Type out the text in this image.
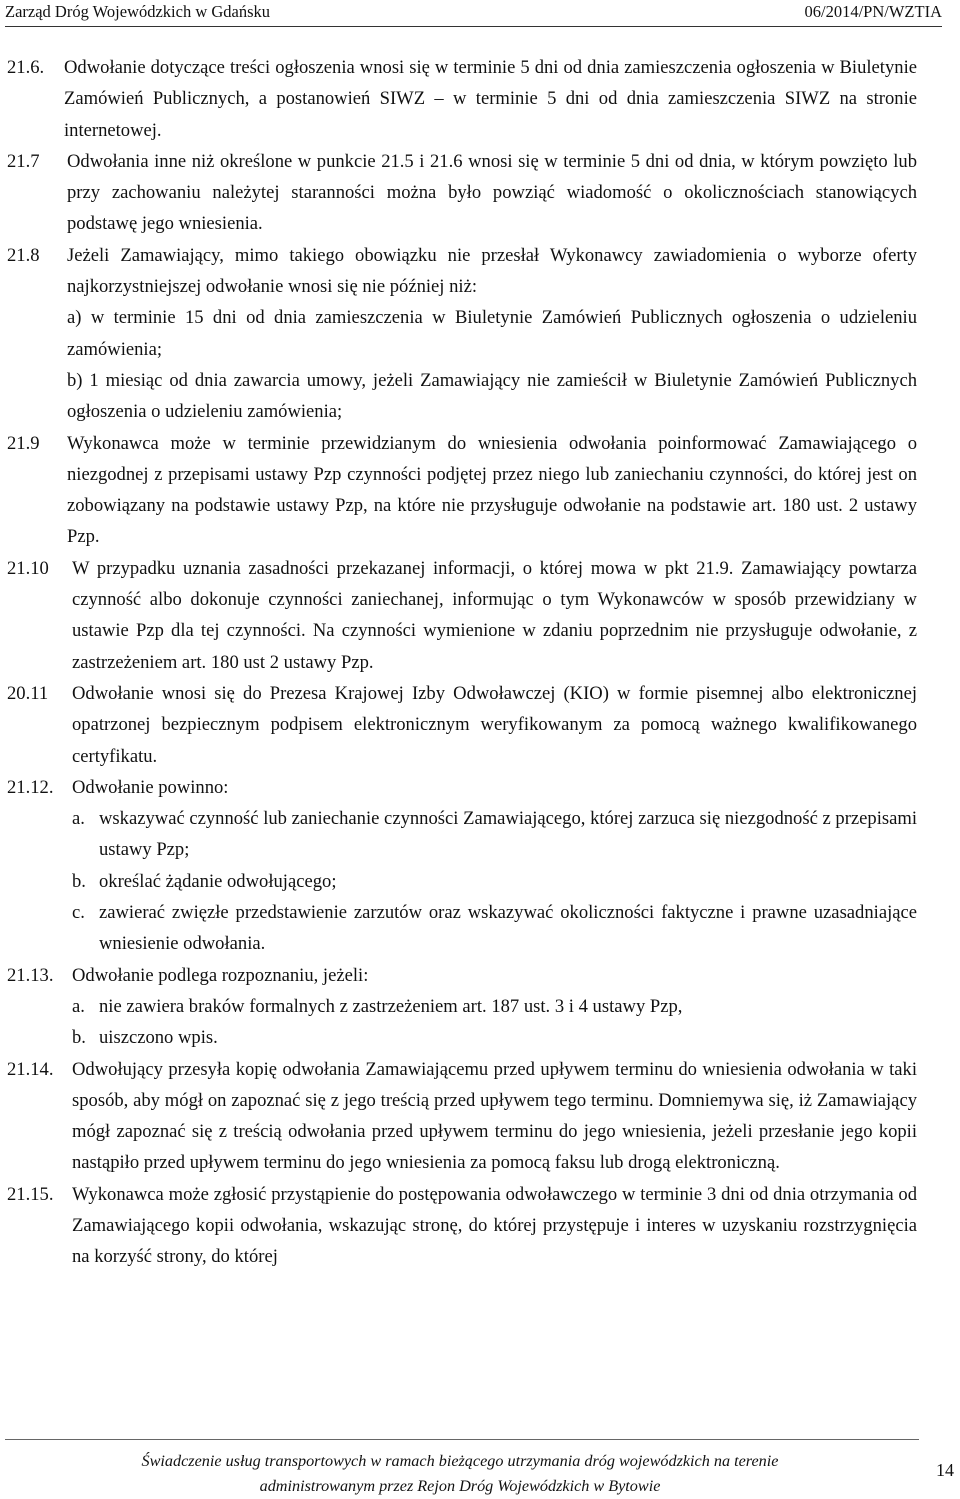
Zarząd Dróg Wojewódzkich w Gdańsku	06/2014/PN/WZTIA
21.6.	Odwołanie dotyczące treści ogłoszenia wnosi się w terminie 5 dni od dnia zamieszczenia ogłoszenia w Biuletynie Zamówień Publicznych, a postanowień SIWZ – w terminie 5 dni od dnia zamieszczenia SIWZ na stronie internetowej.
21.7	Odwołania inne niż określone w punkcie 21.5 i 21.6 wnosi się w terminie 5 dni od dnia, w którym powzięto lub przy zachowaniu należytej staranności można było powziąć wiadomość o okolicznościach stanowiących podstawę jego wniesienia.
21.8	Jeżeli Zamawiający, mimo takiego obowiązku nie przesłał Wykonawcy zawiadomienia o wyborze oferty najkorzystniejszej odwołanie wnosi się nie później niż:
a) w terminie 15 dni od dnia zamieszczenia w Biuletynie Zamówień Publicznych ogłoszenia o udzieleniu zamówienia;
b) 1 miesiąc od dnia zawarcia umowy, jeżeli Zamawiający nie zamieścił w Biuletynie Zamówień Publicznych ogłoszenia o udzieleniu zamówienia;
21.9	Wykonawca może w terminie przewidzianym do wniesienia odwołania poinformować Zamawiającego o niezgodnej z przepisami ustawy Pzp czynności podjętej przez niego lub zaniechaniu czynności, do której jest on zobowiązany na podstawie ustawy Pzp, na które nie przysługuje odwołanie na podstawie art. 180 ust. 2 ustawy Pzp.
21.10	W przypadku uznania zasadności przekazanej informacji, o której mowa w pkt 21.9. Zamawiający powtarza czynność albo dokonuje czynności zaniechanej, informując o tym Wykonawców w sposób przewidziany w ustawie Pzp dla tej czynności. Na czynności wymienione w zdaniu poprzednim nie przysługuje odwołanie, z zastrzeżeniem art. 180 ust 2 ustawy Pzp.
20.11	Odwołanie wnosi się do Prezesa Krajowej Izby Odwoławczej (KIO) w formie pisemnej albo elektronicznej opatrzonej bezpiecznym podpisem elektronicznym weryfikowanym za pomocą ważnego kwalifikowanego certyfikatu.
21.12. Odwołanie powinno:
a. wskazywać czynność lub zaniechanie czynności Zamawiającego, której zarzuca się niezgodność z przepisami ustawy Pzp;
b. określać żądanie odwołującego;
c. zawierać zwięzłe przedstawienie zarzutów oraz wskazywać okoliczności faktyczne i prawne uzasadniające wniesienie odwołania.
21.13. Odwołanie podlega rozpoznaniu, jeżeli:
a. nie zawiera braków formalnych z zastrzeżeniem art. 187 ust. 3 i 4 ustawy Pzp,
b. uiszczono wpis.
21.14. Odwołujący przesyła kopię odwołania Zamawiającemu przed upływem terminu do wniesienia odwołania w taki sposób, aby mógł on zapoznać się z jego treścią przed upływem tego terminu. Domniemywa się, iż Zamawiający mógł zapoznać się z treścią odwołania przed upływem terminu do jego wniesienia, jeżeli przesłanie jego kopii nastąpiło przed upływem terminu do jego wniesienia za pomocą faksu lub drogą elektroniczną.
21.15. Wykonawca może zgłosić przystąpienie do postępowania odwoławczego w terminie 3 dni od dnia otrzymania od Zamawiającego kopii odwołania, wskazując stronę, do której przystępuje i interes w uzyskaniu rozstrzygnięcia na korzyść strony, do której
Świadczenie usług transportowych w ramach bieżącego utrzymania dróg wojewódzkich na terenie
administrowanym przez Rejon Dróg Wojewódzkich w Bytowie
14
